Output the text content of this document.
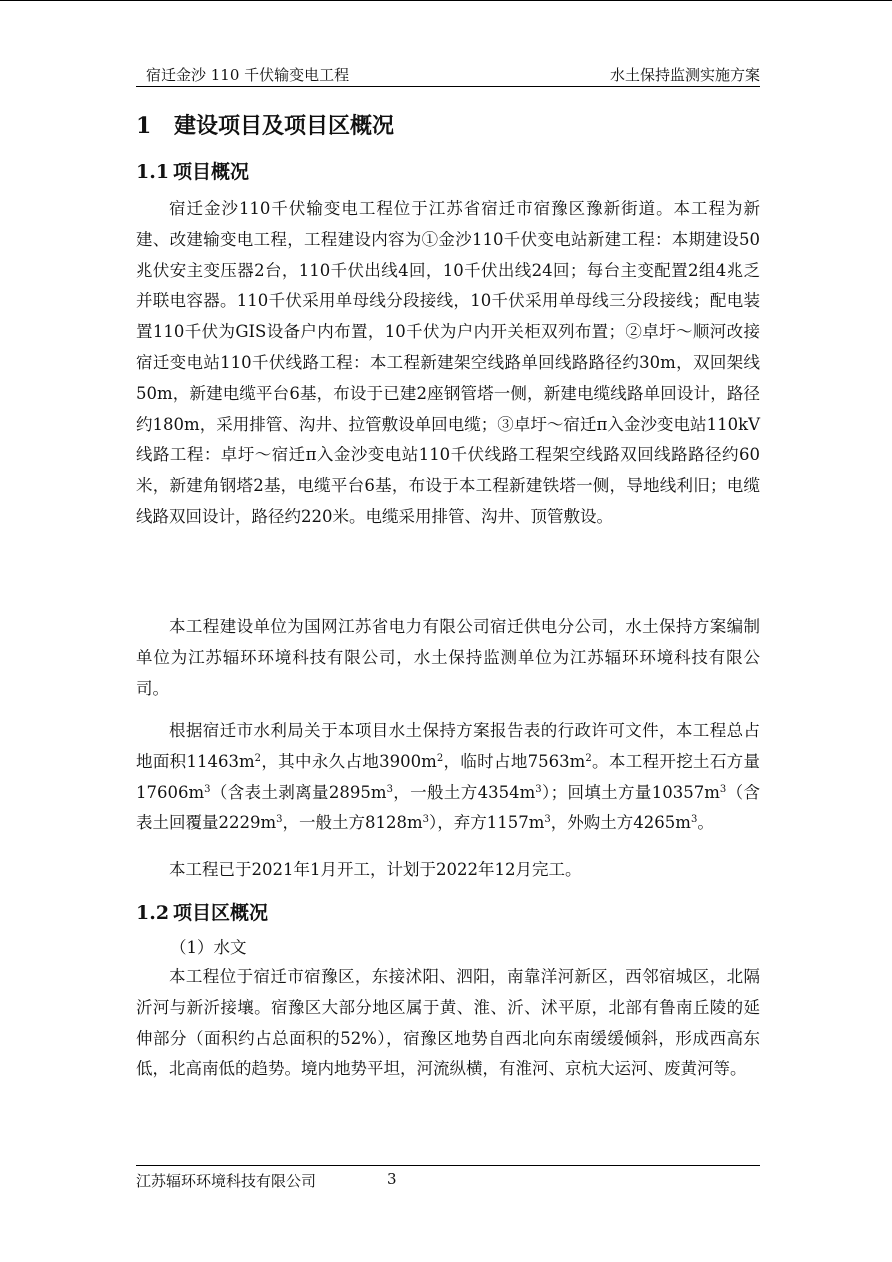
宿迁金沙 110 千伏输变电工程	水土保持监测实施方案
1 建设项目及项目区概况
1.1 项目概况

宿迁金沙110千伏输变电工程位于江苏省宿迁市宿豫区豫新街道。本工程为新建、改建输变电工程，工程建设内容为①金沙110千伏变电站新建工程：本期建设50兆伏安主变压器2台，110千伏出线4回，10千伏出线24回；每台主变配置2组4兆乏并联电容器。110千伏采用单母线分段接线，10千伏采用单母线三分段接线；配电装置110千伏为GIS设备户内布置，10千伏为户内开关柜双列布置；②卓圩～顺河改接宿迁变电站110千伏线路工程：本工程新建架空线路单回线路路径约30m，双回架线50m，新建电缆平台6基，布设于已建2座钢管塔一侧，新建电缆线路单回设计，路径约180m，采用排管、沟井、拉管敷设单回电缆；③卓圩～宿迁π入金沙变电站110kV线路工程：卓圩～宿迁π入金沙变电站110千伏线路工程架空线路双回线路路径约60米，新建角钢塔2基，电缆平台6基，布设于本工程新建铁塔一侧，导地线利旧；电缆线路双回设计，路径约220米。电缆采用排管、沟井、顶管敷设。

本工程建设单位为国网江苏省电力有限公司宿迁供电分公司，水土保持方案编制单位为江苏辐环环境科技有限公司，水土保持监测单位为江苏辐环环境科技有限公司。

根据宿迁市水利局关于本项目水土保持方案报告表的行政许可文件，本工程总占地面积$11463m^2$，其中永久占地$3900m^2$，临时占地$7563m^2$。本工程开挖土石方量$17606m^3$（含表土剥离量$2895m^3$，一般土方$4354m^3$）；回填土方量$10357m^3$（含表土回覆量$2229m^3$，一般土方$8128m^3$），弃方$1157m^3$，外购土方$4265m^3$。

本工程已于2021年1月开工，计划于2022年12月完工。

1.2 项目区概况
（1）水文

本工程位于宿迁市宿豫区，东接沭阳、泗阳，南靠洋河新区，西邻宿城区，北隔沂河与新沂接壤。宿豫区大部分地区属于黄、淮、沂、沭平原，北部有鲁南丘陵的延伸部分（面积约占总面积的52%），宿豫区地势自西北向东南缓缓倾斜，形成西高东低，北高南低的趋势。境内地势平坦，河流纵横，有淮河、京杭大运河、废黄河等。

江苏辐环环境科技有限公司	3
